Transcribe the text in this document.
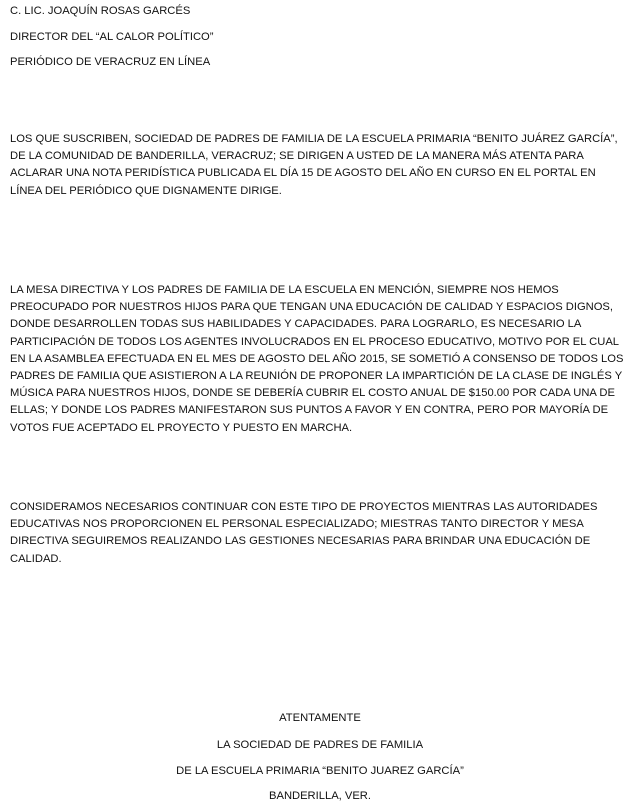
C. LIC. JOAQUÍN ROSAS GARCÉS

DIRECTOR DEL “AL CALOR POLÍTICO”

PERIÓDICO DE VERACRUZ EN LÍNEA

LOS QUE SUSCRIBEN, SOCIEDAD DE PADRES DE FAMILIA DE LA ESCUELA PRIMARIA “BENITO JUÁREZ GARCÍA”, DE LA COMUNIDAD DE BANDERILLA, VERACRUZ; SE DIRIGEN A USTED DE LA MANERA MÁS ATENTA PARA ACLARAR UNA NOTA PERIDÍSTICA PUBLICADA EL DÍA 15 DE AGOSTO DEL AÑO EN CURSO EN EL PORTAL EN LÍNEA DEL PERIÓDICO QUE DIGNAMENTE DIRIGE.

LA MESA DIRECTIVA Y LOS PADRES DE FAMILIA DE LA ESCUELA EN MENCIÓN, SIEMPRE NOS HEMOS PREOCUPADO POR NUESTROS HIJOS PARA QUE TENGAN UNA EDUCACIÓN DE CALIDAD Y ESPACIOS DIGNOS, DONDE DESARROLLEN TODAS SUS HABILIDADES Y CAPACIDADES. PARA LOGRARLO, ES NECESARIO LA PARTICIPACIÓN DE TODOS LOS AGENTES INVOLUCRADOS EN EL PROCESO EDUCATIVO, MOTIVO POR EL CUAL EN LA ASAMBLEA EFECTUADA EN EL MES DE AGOSTO DEL AÑO 2015, SE SOMETIÓ A CONSENSO DE TODOS LOS PADRES DE FAMILIA QUE ASISTIERON A LA REUNIÓN DE PROPONER LA IMPARTICIÓN DE LA CLASE DE INGLÉS Y MÚSICA PARA NUESTROS HIJOS, DONDE SE DEBERÍA CUBRIR EL COSTO ANUAL DE $150.00 POR CADA UNA DE ELLAS; Y DONDE LOS PADRES MANIFESTARON SUS PUNTOS A FAVOR Y EN CONTRA, PERO POR MAYORÍA DE VOTOS FUE ACEPTADO EL PROYECTO Y PUESTO EN MARCHA.

CONSIDERAMOS NECESARIOS CONTINUAR CON ESTE TIPO DE PROYECTOS MIENTRAS LAS AUTORIDADES EDUCATIVAS NOS PROPORCIONEN EL PERSONAL ESPECIALIZADO; MIESTRAS TANTO DIRECTOR Y MESA DIRECTIVA SEGUIREMOS REALIZANDO LAS GESTIONES NECESARIAS PARA BRINDAR UNA EDUCACIÓN DE CALIDAD.

ATENTAMENTE

LA SOCIEDAD DE PADRES DE FAMILIA

DE LA ESCUELA PRIMARIA “BENITO JUAREZ GARCÍA”

BANDERILLA, VER.
